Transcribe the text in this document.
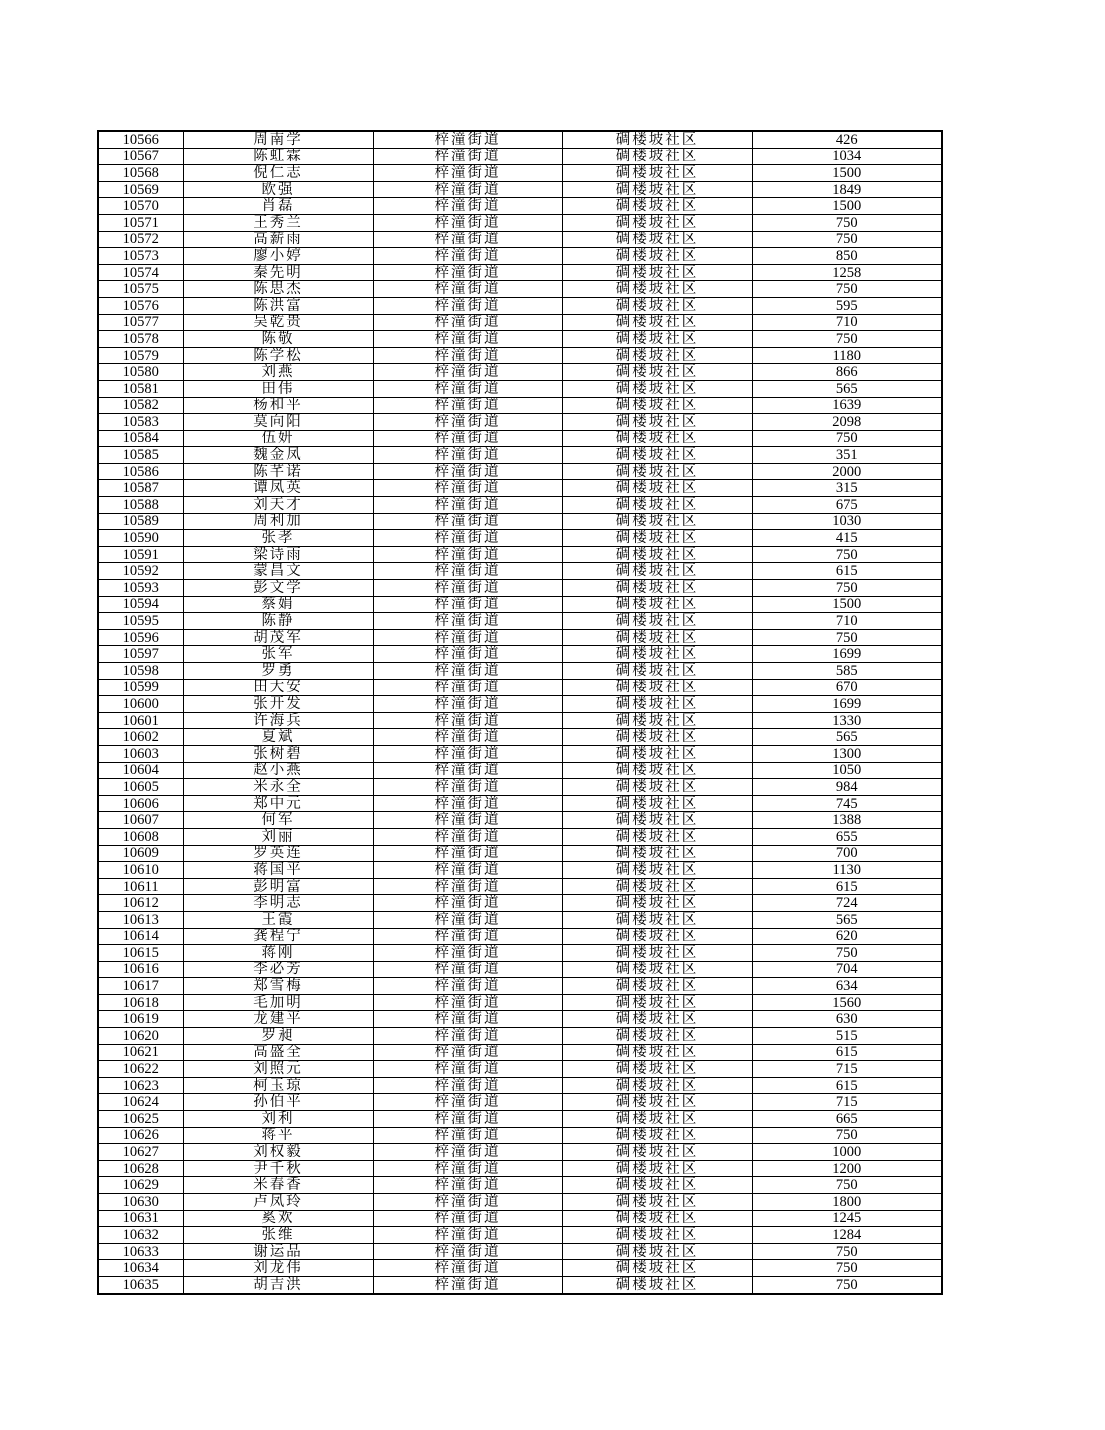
10566	周南学	梓潼街道	碉楼坡社区	426
10567	陈虹霖	梓潼街道	碉楼坡社区	1034
10568	倪仁志	梓潼街道	碉楼坡社区	1500
10569	欧强	梓潼街道	碉楼坡社区	1849
10570	肖磊	梓潼街道	碉楼坡社区	1500
10571	王秀兰	梓潼街道	碉楼坡社区	750
10572	高薪雨	梓潼街道	碉楼坡社区	750
10573	廖小婷	梓潼街道	碉楼坡社区	850
10574	秦先明	梓潼街道	碉楼坡社区	1258
10575	陈思杰	梓潼街道	碉楼坡社区	750
10576	陈洪富	梓潼街道	碉楼坡社区	595
10577	吴乾贵	梓潼街道	碉楼坡社区	710
10578	陈敬	梓潼街道	碉楼坡社区	750
10579	陈学松	梓潼街道	碉楼坡社区	1180
10580	刘燕	梓潼街道	碉楼坡社区	866
10581	田伟	梓潼街道	碉楼坡社区	565
10582	杨和平	梓潼街道	碉楼坡社区	1639
10583	莫向阳	梓潼街道	碉楼坡社区	2098
10584	伍妍	梓潼街道	碉楼坡社区	750
10585	魏金凤	梓潼街道	碉楼坡社区	351
10586	陈芊诺	梓潼街道	碉楼坡社区	2000
10587	谭凤英	梓潼街道	碉楼坡社区	315
10588	刘天才	梓潼街道	碉楼坡社区	675
10589	周利加	梓潼街道	碉楼坡社区	1030
10590	张孝	梓潼街道	碉楼坡社区	415
10591	梁诗雨	梓潼街道	碉楼坡社区	750
10592	蒙昌文	梓潼街道	碉楼坡社区	615
10593	彭文学	梓潼街道	碉楼坡社区	750
10594	蔡娟	梓潼街道	碉楼坡社区	1500
10595	陈静	梓潼街道	碉楼坡社区	710
10596	胡茂军	梓潼街道	碉楼坡社区	750
10597	张军	梓潼街道	碉楼坡社区	1699
10598	罗勇	梓潼街道	碉楼坡社区	585
10599	田大安	梓潼街道	碉楼坡社区	670
10600	张开发	梓潼街道	碉楼坡社区	1699
10601	许海兵	梓潼街道	碉楼坡社区	1330
10602	夏斌	梓潼街道	碉楼坡社区	565
10603	张树碧	梓潼街道	碉楼坡社区	1300
10604	赵小燕	梓潼街道	碉楼坡社区	1050
10605	米永全	梓潼街道	碉楼坡社区	984
10606	郑中元	梓潼街道	碉楼坡社区	745
10607	何军	梓潼街道	碉楼坡社区	1388
10608	刘丽	梓潼街道	碉楼坡社区	655
10609	罗英连	梓潼街道	碉楼坡社区	700
10610	蒋国平	梓潼街道	碉楼坡社区	1130
10611	彭明富	梓潼街道	碉楼坡社区	615
10612	李明志	梓潼街道	碉楼坡社区	724
10613	王霞	梓潼街道	碉楼坡社区	565
10614	龚程宁	梓潼街道	碉楼坡社区	620
10615	蒋刚	梓潼街道	碉楼坡社区	750
10616	李必芳	梓潼街道	碉楼坡社区	704
10617	郑雪梅	梓潼街道	碉楼坡社区	634
10618	毛加明	梓潼街道	碉楼坡社区	1560
10619	龙建平	梓潼街道	碉楼坡社区	630
10620	罗昶	梓潼街道	碉楼坡社区	515
10621	高盛全	梓潼街道	碉楼坡社区	615
10622	刘照元	梓潼街道	碉楼坡社区	715
10623	柯玉琼	梓潼街道	碉楼坡社区	615
10624	孙伯平	梓潼街道	碉楼坡社区	715
10625	刘利	梓潼街道	碉楼坡社区	665
10626	蒋平	梓潼街道	碉楼坡社区	750
10627	刘权毅	梓潼街道	碉楼坡社区	1000
10628	尹千秋	梓潼街道	碉楼坡社区	1200
10629	米春香	梓潼街道	碉楼坡社区	750
10630	卢凤玲	梓潼街道	碉楼坡社区	1800
10631	奚欢	梓潼街道	碉楼坡社区	1245
10632	张维	梓潼街道	碉楼坡社区	1284
10633	谢运品	梓潼街道	碉楼坡社区	750
10634	刘龙伟	梓潼街道	碉楼坡社区	750
10635	胡吉洪	梓潼街道	碉楼坡社区	750
